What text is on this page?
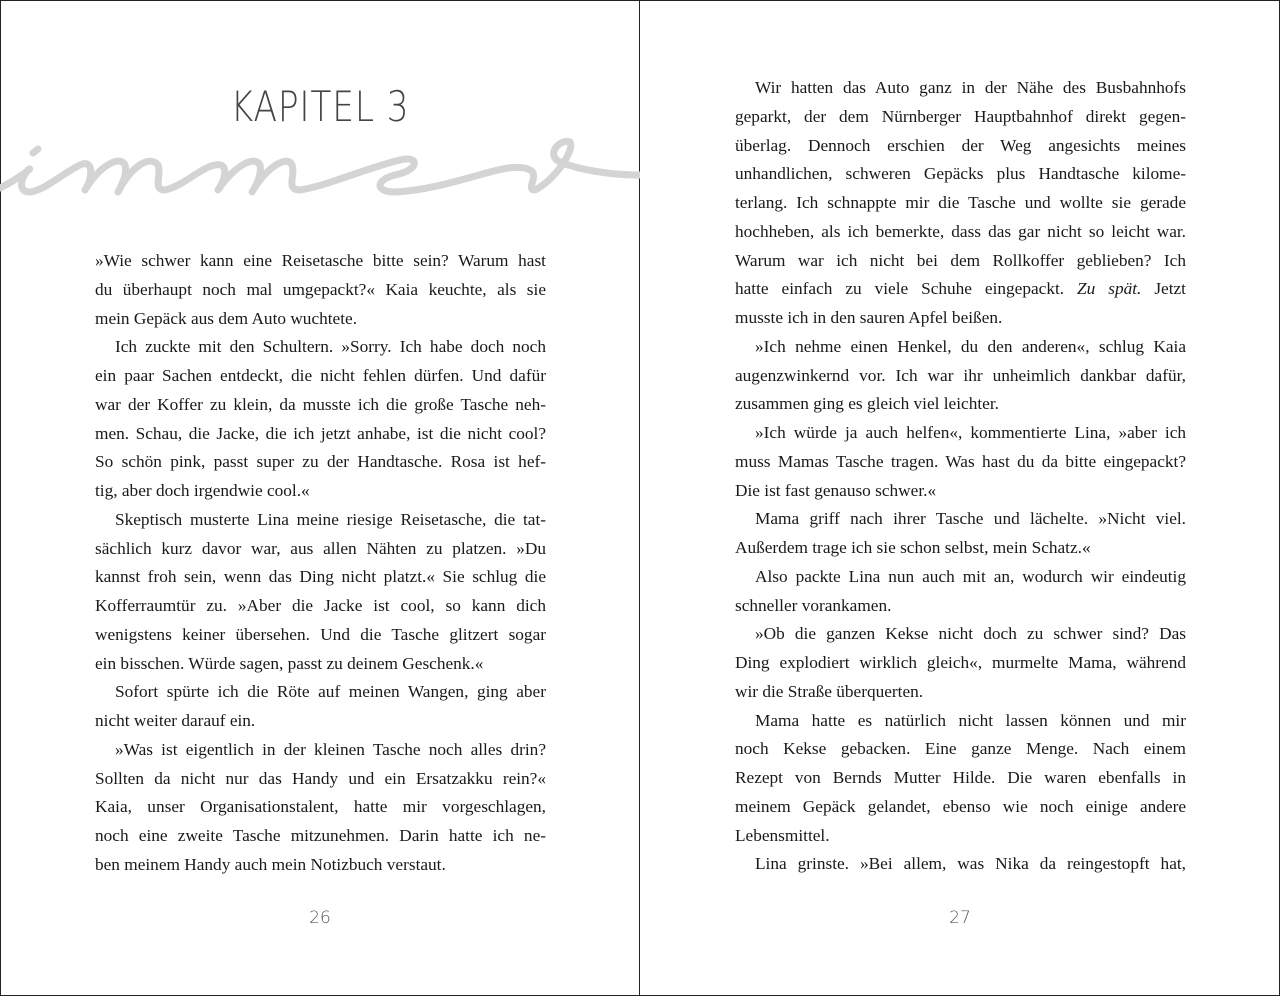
KAPITEL 3
»Wie schwer kann eine Reisetasche bitte sein? Warum hast
du überhaupt noch mal umgepackt?« Kaia keuchte, als sie
mein Gepäck aus dem Auto wuchtete.
Ich zuckte mit den Schultern. »Sorry. Ich habe doch noch
ein paar Sachen entdeckt, die nicht fehlen dürfen. Und dafür
war der Koffer zu klein, da musste ich die große Tasche neh-
men. Schau, die Jacke, die ich jetzt anhabe, ist die nicht cool?
So schön pink, passt super zu der Handtasche. Rosa ist hef-
tig, aber doch irgendwie cool.«
Skeptisch musterte Lina meine riesige Reisetasche, die tat-
sächlich kurz davor war, aus allen Nähten zu platzen. »Du
kannst froh sein, wenn das Ding nicht platzt.« Sie schlug die
Kofferraumtür zu. »Aber die Jacke ist cool, so kann dich
wenigstens keiner übersehen. Und die Tasche glitzert sogar
ein bisschen. Würde sagen, passt zu deinem Geschenk.«
Sofort spürte ich die Röte auf meinen Wangen, ging aber
nicht weiter darauf ein.
»Was ist eigentlich in der kleinen Tasche noch alles drin?
Sollten da nicht nur das Handy und ein Ersatzakku rein?«
Kaia, unser Organisationstalent, hatte mir vorgeschlagen,
noch eine zweite Tasche mitzunehmen. Darin hatte ich ne-
ben meinem Handy auch mein Notizbuch verstaut.
26
Wir hatten das Auto ganz in der Nähe des Busbahnhofs
geparkt, der dem Nürnberger Hauptbahnhof direkt gegen-
überlag. Dennoch erschien der Weg angesichts meines
unhandlichen, schweren Gepäcks plus Handtasche kilome-
terlang. Ich schnappte mir die Tasche und wollte sie gerade
hochheben, als ich bemerkte, dass das gar nicht so leicht war.
Warum war ich nicht bei dem Rollkoffer geblieben? Ich
hatte einfach zu viele Schuhe eingepackt. Zu spät. Jetzt
musste ich in den sauren Apfel beißen.
»Ich nehme einen Henkel, du den anderen«, schlug Kaia
augenzwinkernd vor. Ich war ihr unheimlich dankbar dafür,
zusammen ging es gleich viel leichter.
»Ich würde ja auch helfen«, kommentierte Lina, »aber ich
muss Mamas Tasche tragen. Was hast du da bitte eingepackt?
Die ist fast genauso schwer.«
Mama griff nach ihrer Tasche und lächelte. »Nicht viel.
Außerdem trage ich sie schon selbst, mein Schatz.«
Also packte Lina nun auch mit an, wodurch wir eindeutig
schneller vorankamen.
»Ob die ganzen Kekse nicht doch zu schwer sind? Das
Ding explodiert wirklich gleich«, murmelte Mama, während
wir die Straße überquerten.
Mama hatte es natürlich nicht lassen können und mir
noch Kekse gebacken. Eine ganze Menge. Nach einem
Rezept von Bernds Mutter Hilde. Die waren ebenfalls in
meinem Gepäck gelandet, ebenso wie noch einige andere
Lebensmittel.
Lina grinste. »Bei allem, was Nika da reingestopft hat,
27
